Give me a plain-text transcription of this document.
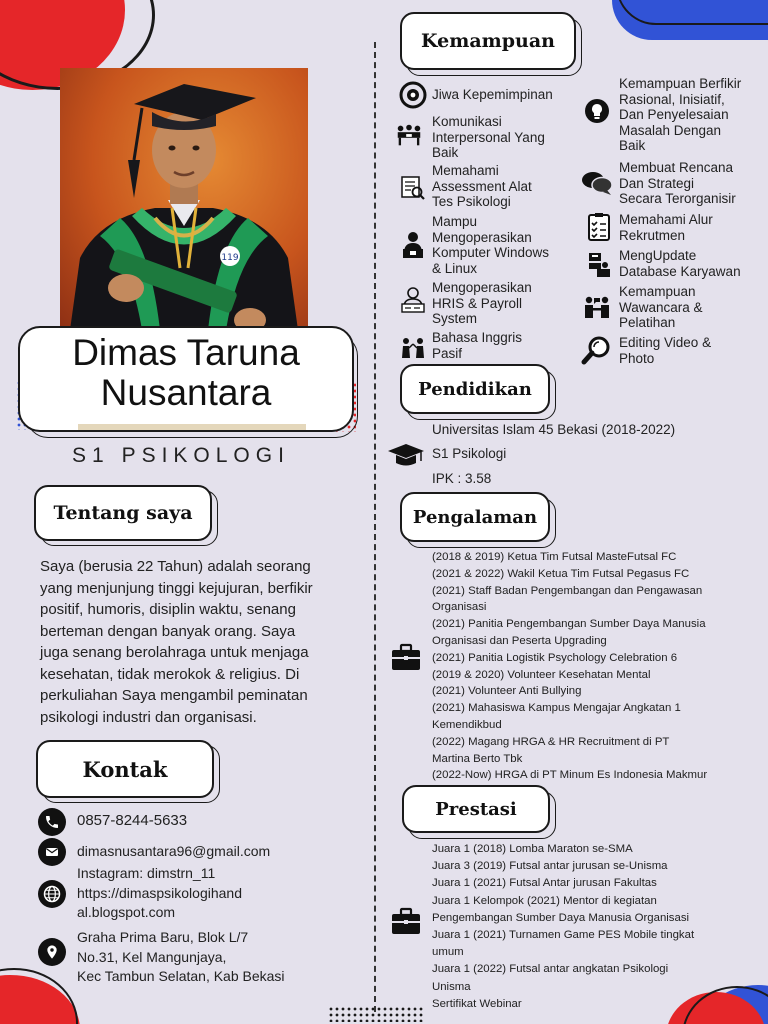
119
Dimas Taruna
Nusantara
S1 PSIKOLOGI
Tentang saya
Saya (berusia 22 Tahun) adalah seorang
yang menjunjung tinggi kejujuran, berfikir
positif, humoris, disiplin waktu, senang
berteman dengan banyak orang. Saya
juga senang berolahraga untuk menjaga
kesehatan, tidak merokok & religius. Di
perkuliahan Saya mengambil peminatan
psikologi industri dan organisasi.
Kontak
0857-8244-5633
dimasnusantara96@gmail.com
Instagram: dimstrn_11
https://dimaspsikologihand
al.blogspot.com
Graha Prima Baru, Blok L/7
No.31, Kel Mangunjaya,
Kec Tambun Selatan, Kab Bekasi
Kemampuan
Jiwa Kepemimpinan
Komunikasi
Interpersonal Yang
Baik
Memahami
Assessment Alat
Tes Psikologi
Mampu
Mengoperasikan
Komputer Windows
& Linux
Mengoperasikan
HRIS & Payroll
System
Bahasa Inggris
Pasif
Kemampuan Berfikir
Rasional, Inisiatif,
Dan Penyelesaian
Masalah Dengan
Baik
Membuat Rencana
Dan Strategi
Secara Terorganisir
Memahami Alur
Rekrutmen
MengUpdate
Database Karyawan
Kemampuan
Wawancara &
Pelatihan
Editing Video &
Photo
Pendidikan
Universitas Islam 45 Bekasi (2018-2022)
S1 Psikologi
IPK : 3.58
Pengalaman
(2018 & 2019) Ketua Tim Futsal MasteFutsal FC
(2021 & 2022) Wakil Ketua Tim Futsal Pegasus FC
(2021) Staff Badan Pengembangan dan Pengawasan
Organisasi
(2021) Panitia Pengembangan Sumber Daya Manusia
Organisasi dan Peserta Upgrading
(2021) Panitia Logistik Psychology Celebration 6
(2019 & 2020) Volunteer Kesehatan Mental
(2021) Volunteer Anti Bullying
(2021) Mahasiswa Kampus Mengajar Angkatan 1
Kemendikbud
(2022) Magang HRGA & HR Recruitment di PT
Martina Berto Tbk
(2022-Now) HRGA di PT Minum Es Indonesia Makmur
Prestasi
Juara 1 (2018) Lomba Maraton se-SMA
Juara 3 (2019) Futsal antar jurusan se-Unisma
Juara 1 (2021) Futsal Antar jurusan Fakultas
Juara 1 Kelompok (2021) Mentor di kegiatan
Pengembangan Sumber Daya Manusia Organisasi
Juara 1 (2021) Turnamen Game PES Mobile tingkat
umum
Juara 1 (2022) Futsal antar angkatan Psikologi
Unisma
Sertifikat Webinar
